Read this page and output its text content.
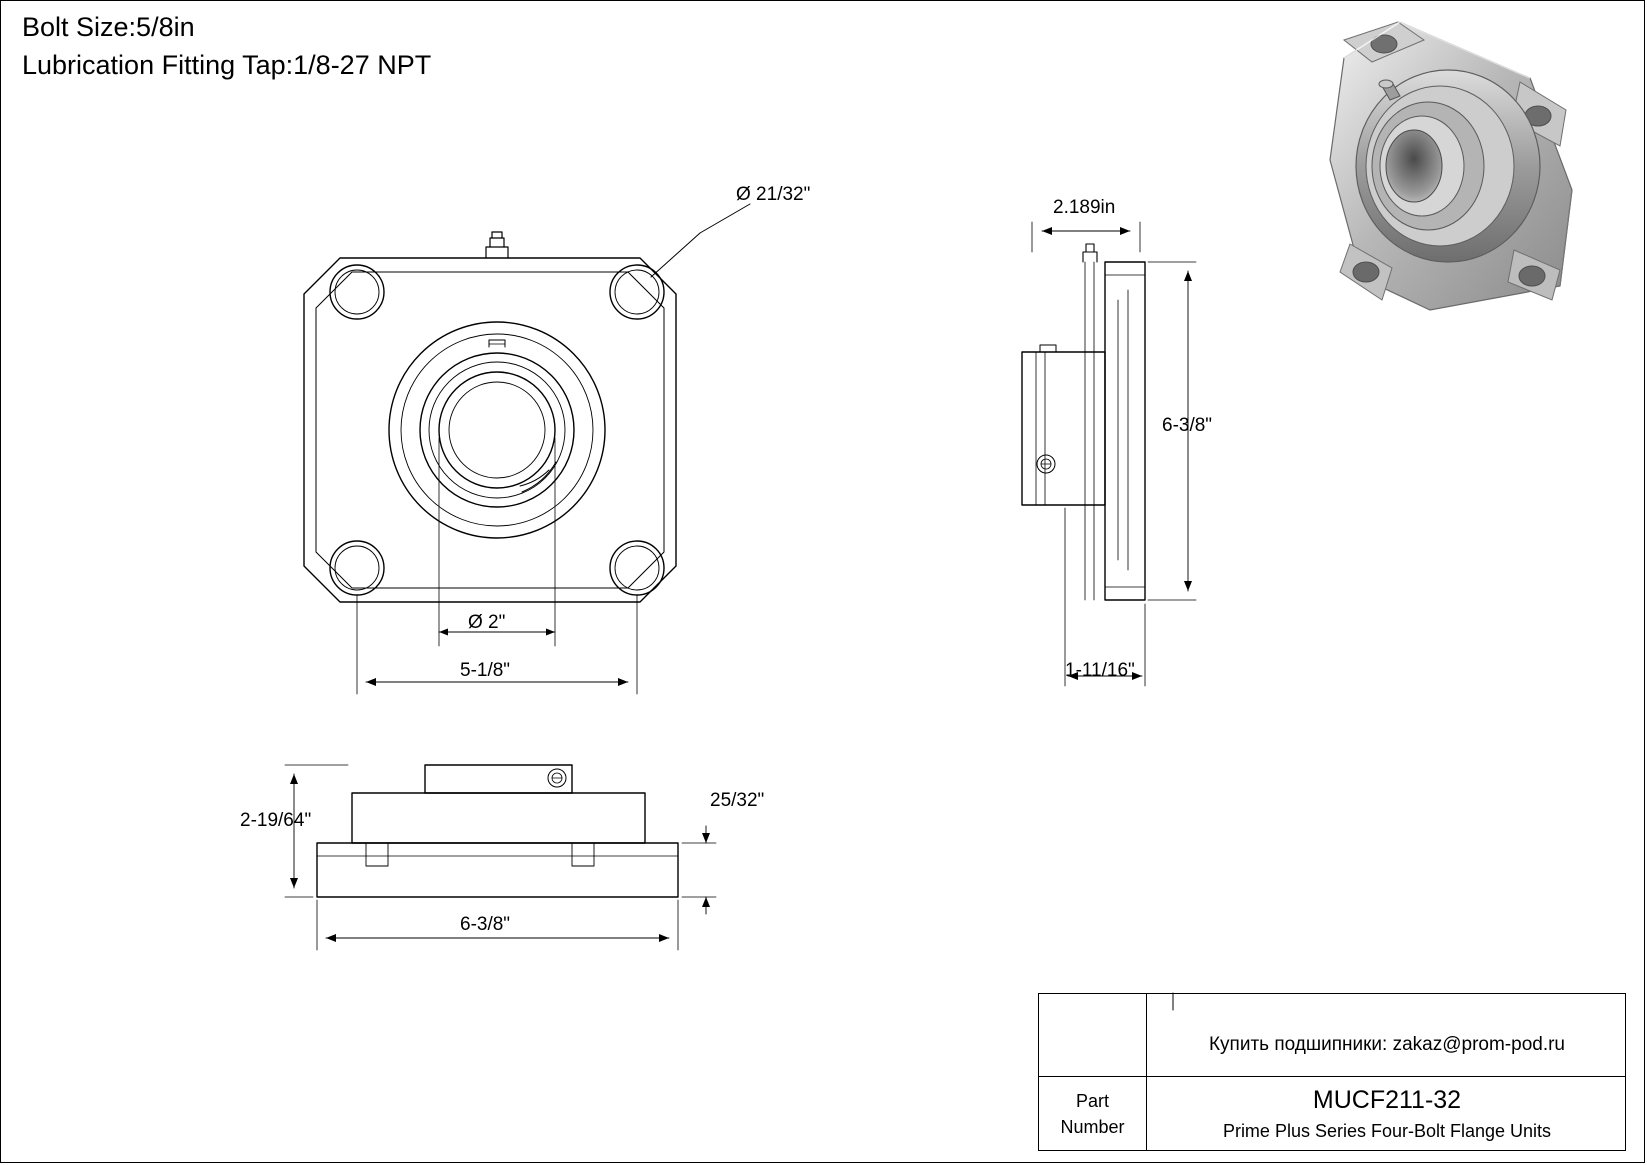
Bolt Size:5/8in
Lubrication Fitting Tap:1/8-27 NPT
Ø 21/32"
Ø 2"
5-1/8"
2.189in
6-3/8"
1-11/16"
2-19/64"
25/32"
6-3/8"
Купить подшипники: zakaz@prom-pod.ru
Part
Number
MUCF211-32
Prime Plus Series Four-Bolt Flange Units
